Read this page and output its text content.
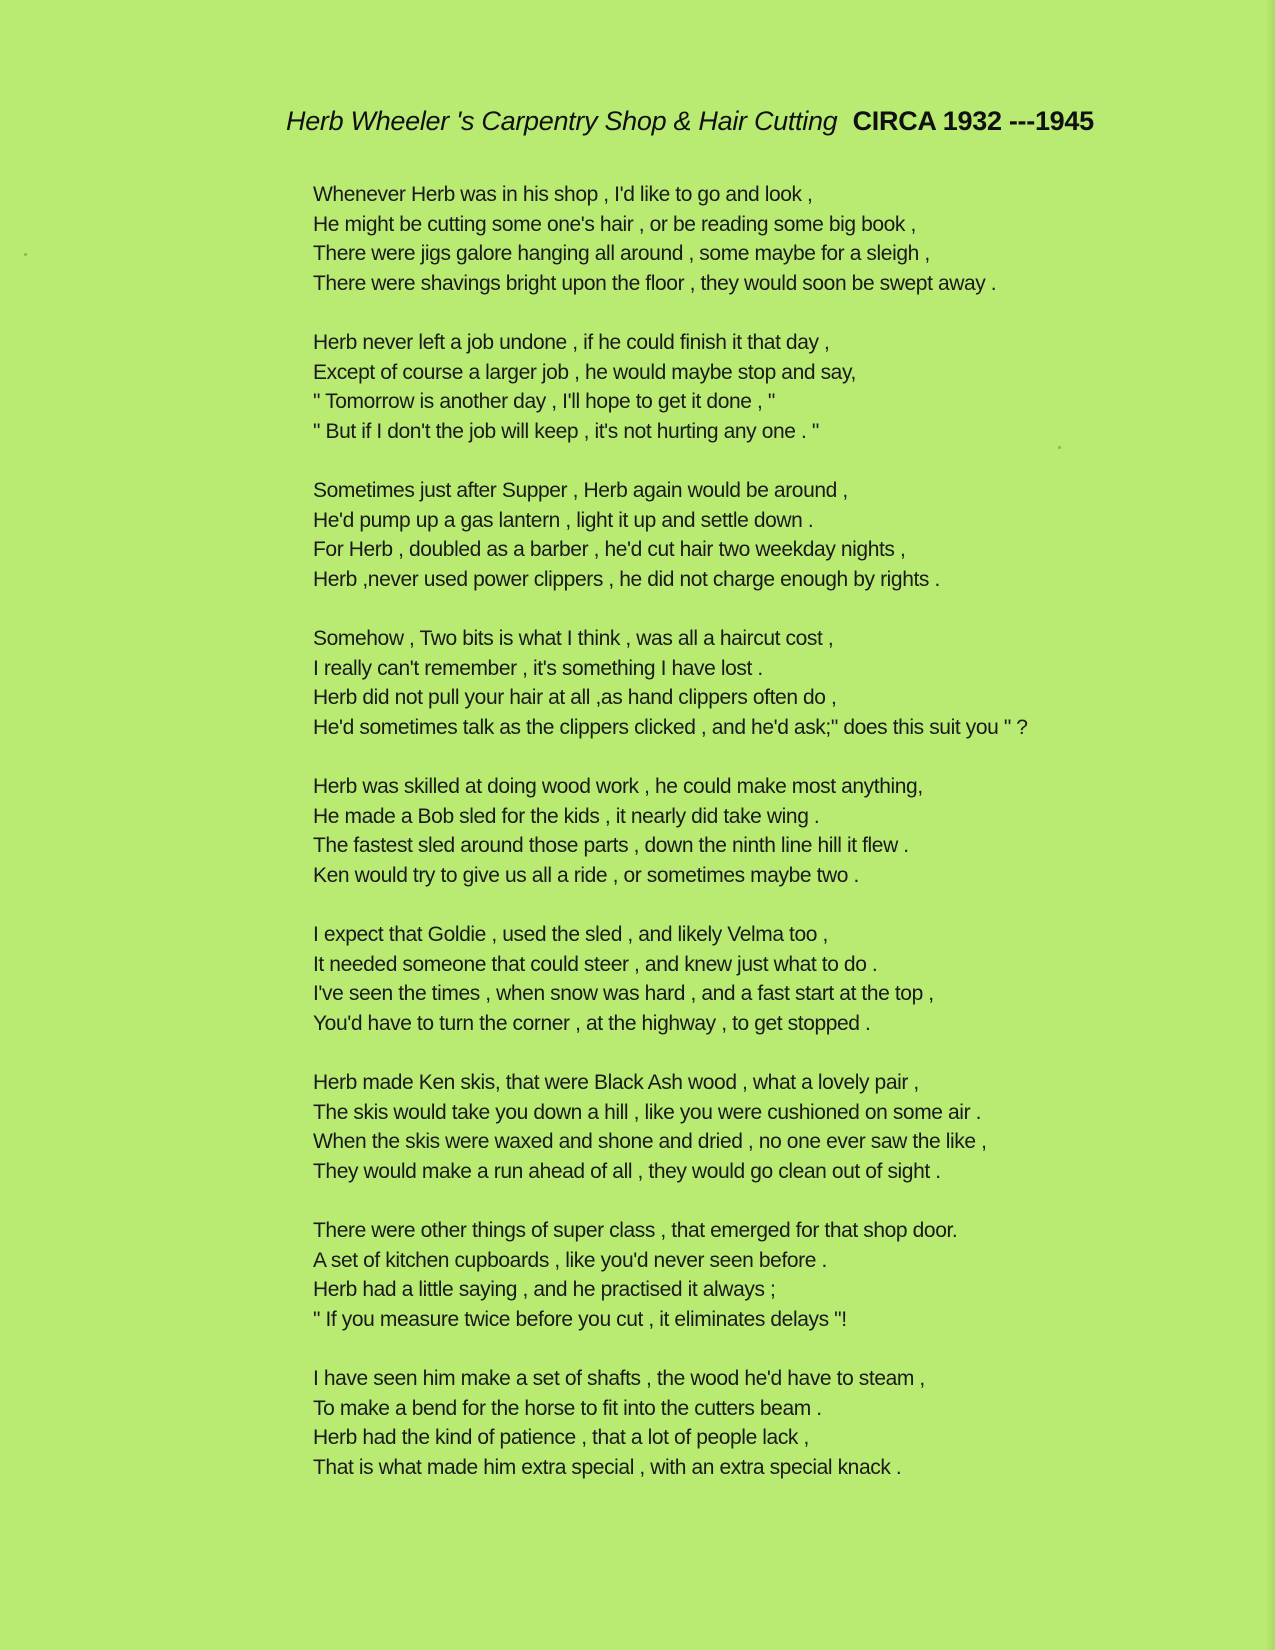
Herb Wheeler 's Carpentry Shop & Hair Cutting CIRCA 1932 ---1945
Whenever Herb was in his shop , I'd like to go and look ,
He might be cutting some one's hair , or be reading some big book ,
There were jigs galore hanging all around , some maybe for a sleigh ,
There were shavings bright upon the floor , they would soon be swept away .
Herb never left a job undone , if he could finish it that day ,
Except of course a larger job , he would maybe stop and say,
" Tomorrow is another day , I'll hope to get it done , "
" But if I don't the job will keep , it's not hurting any one . "
Sometimes just after Supper , Herb again would be around ,
He'd pump up a gas lantern , light it up and settle down .
For Herb , doubled as a barber , he'd cut hair two weekday nights ,
Herb ,never used power clippers , he did not charge enough by rights .
Somehow , Two bits is what I think , was all a haircut cost ,
I really can't remember , it's something I have lost .
Herb did not pull your hair at all ,as hand clippers often do ,
He'd sometimes talk as the clippers clicked , and he'd ask;" does this suit you " ?
Herb was skilled at doing wood work , he could make most anything,
He made a Bob sled for the kids , it nearly did take wing .
The fastest sled around those parts , down the ninth line hill it flew .
Ken would try to give us all a ride , or sometimes maybe two .
I expect that Goldie , used the sled , and likely Velma too ,
It needed someone that could steer , and knew just what to do .
I've seen the times , when snow was hard , and a fast start at the top ,
You'd have to turn the corner , at the highway , to get stopped .
Herb made Ken skis, that were Black Ash wood , what a lovely pair ,
The skis would take you down a hill , like you were cushioned on some air .
When the skis were waxed and shone and dried , no one ever saw the like ,
They would make a run ahead of all , they would go clean out of sight .
There were other things of super class , that emerged for that shop door.
A set of kitchen cupboards , like you'd never seen before .
Herb had a little saying , and he practised it always ;
" If you measure twice before you cut , it eliminates delays "!
I have seen him make a set of shafts , the wood he'd have to steam ,
To make a bend for the horse to fit into the cutters beam .
Herb had the kind of patience , that a lot of people lack ,
That is what made him extra special , with an extra special knack .
